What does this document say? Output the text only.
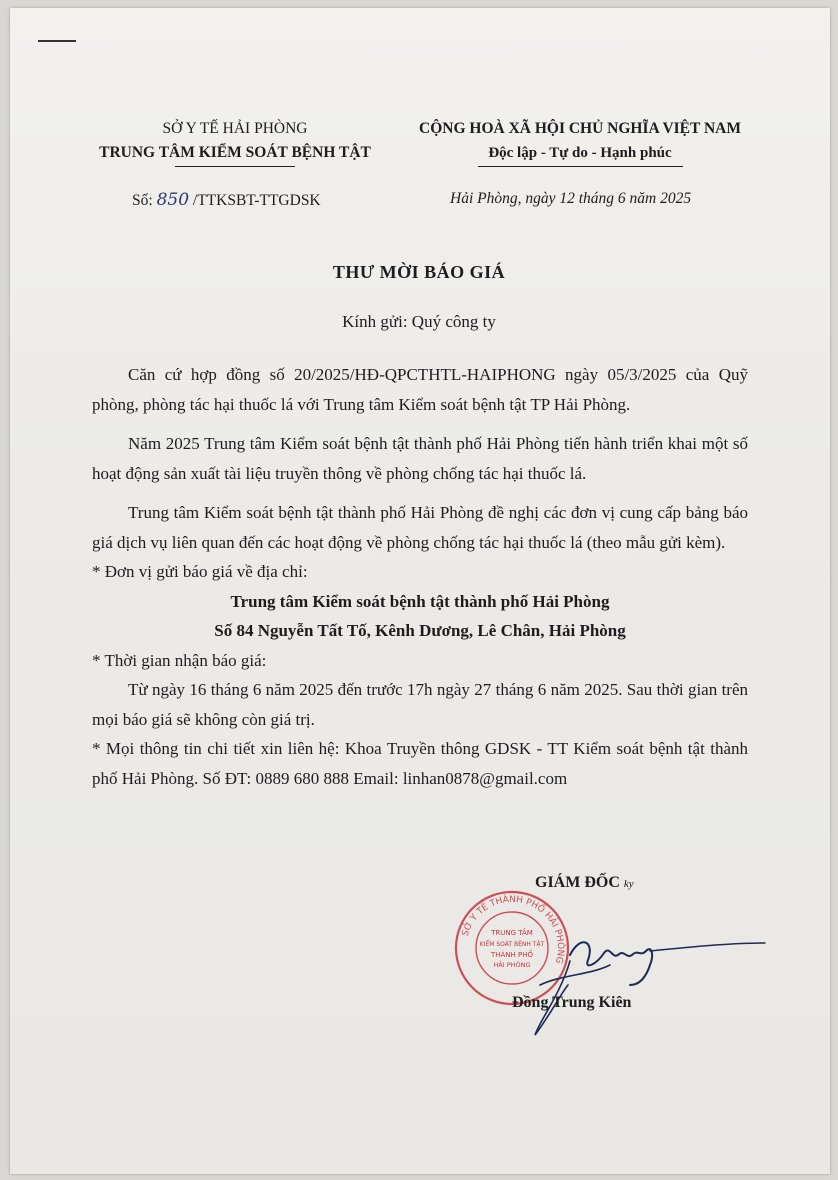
SỞ Y TẾ HẢI PHÒNG
TRUNG TÂM KIỂM SOÁT BỆNH TẬT
CỘNG HOÀ XÃ HỘI CHỦ NGHĨA VIỆT NAM
Độc lập - Tự do - Hạnh phúc
Số: 850 /TTKSBT-TTGDSK	Hải Phòng, ngày 12 tháng 6 năm 2025
THƯ MỜI BÁO GIÁ
Kính gửi: Quý công ty

Căn cứ hợp đồng số 20/2025/HĐ-QPCTHTL-HAIPHONG ngày 05/3/2025 của Quỹ phòng, phòng tác hại thuốc lá với Trung tâm Kiểm soát bệnh tật TP Hải Phòng.

Năm 2025 Trung tâm Kiểm soát bệnh tật thành phố Hải Phòng tiến hành triển khai một số hoạt động sản xuất tài liệu truyền thông về phòng chống tác hại thuốc lá.

Trung tâm Kiểm soát bệnh tật thành phố Hải Phòng đề nghị các đơn vị cung cấp bảng báo giá dịch vụ liên quan đến các hoạt động về phòng chống tác hại thuốc lá (theo mẫu gửi kèm).

* Đơn vị gửi báo giá về địa chỉ:

Trung tâm Kiểm soát bệnh tật thành phố Hải Phòng

Số 84 Nguyễn Tất Tố, Kênh Dương, Lê Chân, Hải Phòng

* Thời gian nhận báo giá:

Từ ngày 16 tháng 6 năm 2025 đến trước 17h ngày 27 tháng 6 năm 2025. Sau thời gian trên mọi báo giá sẽ không còn giá trị.

* Mọi thông tin chi tiết xin liên hệ: Khoa Truyền thông GDSK - TT Kiểm soát bệnh tật thành phố Hải Phòng. Số ĐT: 0889 680 888 Email: linhan0878@gmail.com

GIÁM ĐỐC ky
SỞ Y TẾ THÀNH PHỐ HẢI PHÒNG
TRUNG TÂM
KIỂM SOÁT BỆNH TẬT
THÀNH PHỐ
HẢI PHÒNG
Đồng Trung Kiên
